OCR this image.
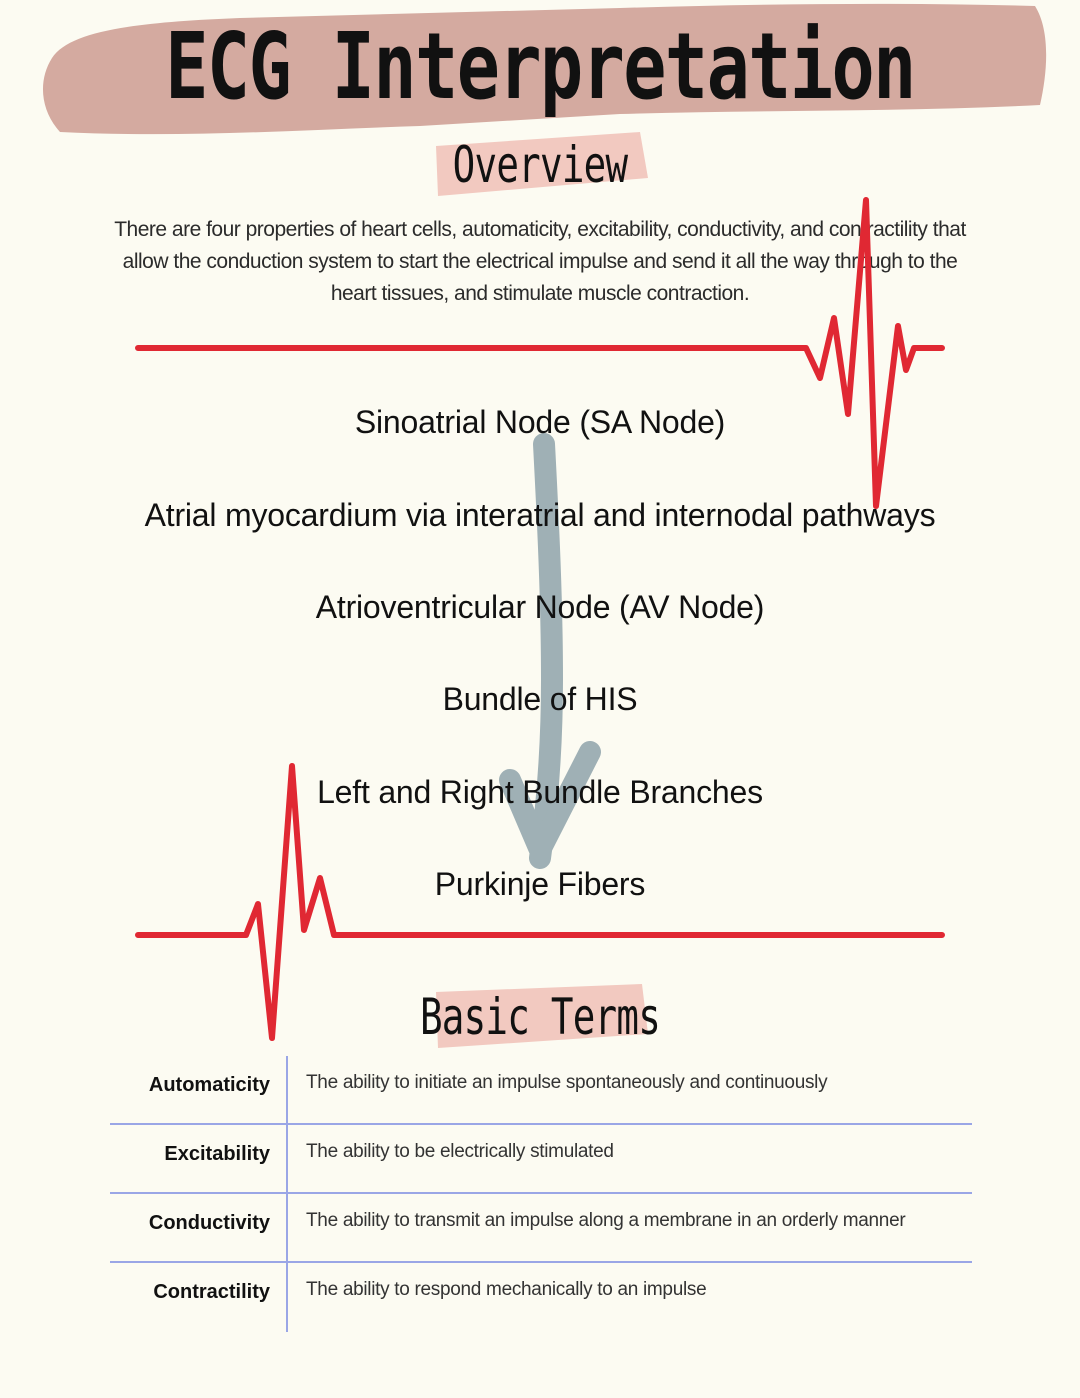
ECG Interpretation
Overview
There are four properties of heart cells, automaticity, excitability, conductivity, and contractility that allow the conduction system to start the electrical impulse and send it all the way through to the heart tissues, and stimulate muscle contraction.
Sinoatrial Node (SA Node)
Atrial myocardium via interatrial and internodal pathways
Atrioventricular Node (AV Node)
Bundle of HIS
Left and Right Bundle Branches
Purkinje Fibers
Basic Terms
Automaticity The ability to initiate an impulse spontaneously and continuously
Excitability The ability to be electrically stimulated
Conductivity The ability to transmit an impulse along a membrane in an orderly manner
Contractility The ability to respond mechanically to an impulse
